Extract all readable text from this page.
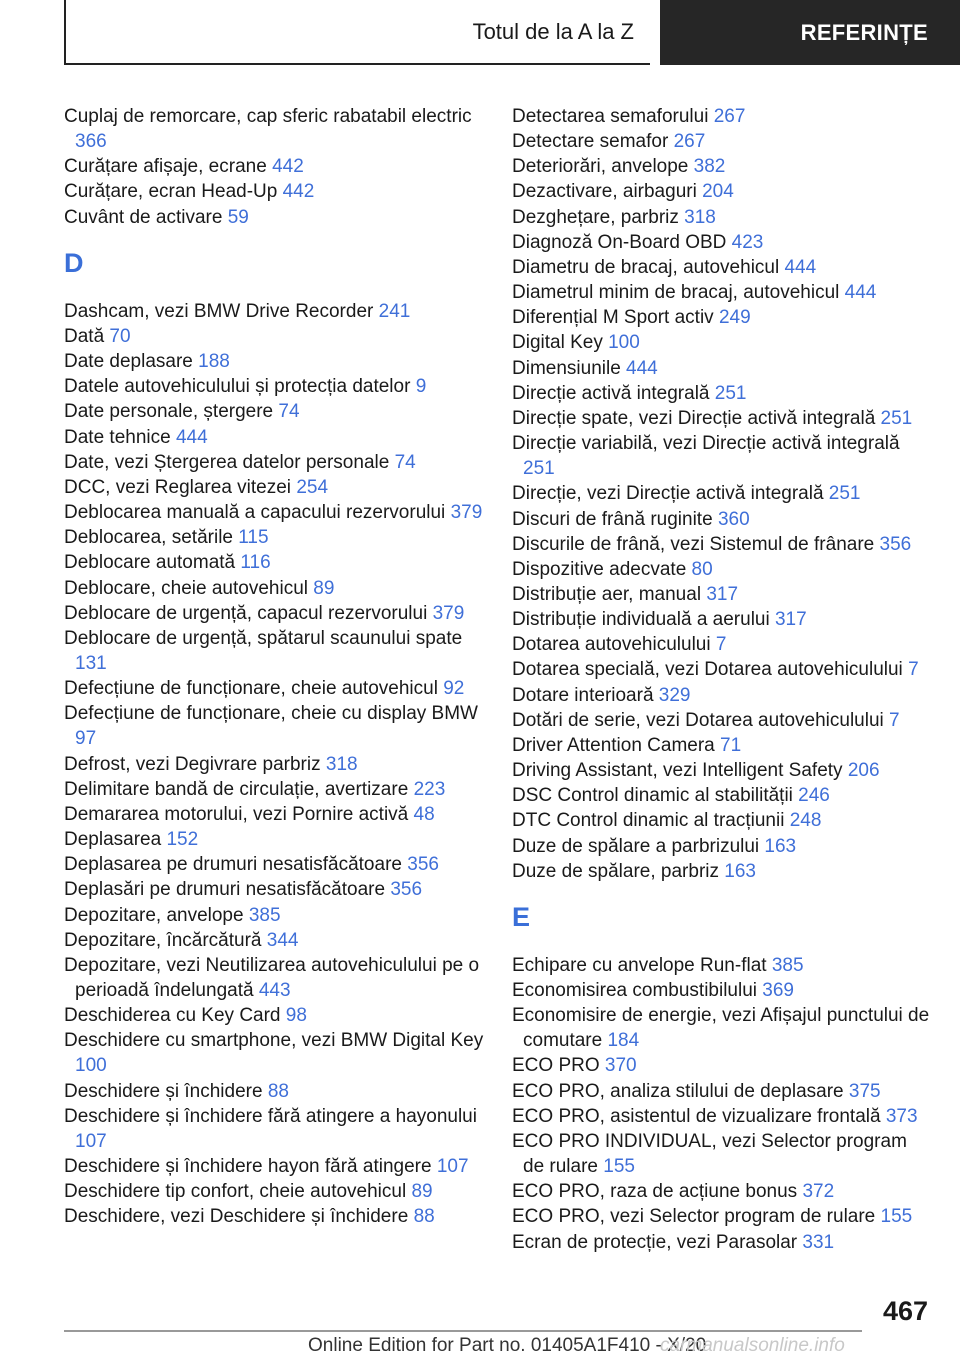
Totul de la A la Z	REFERINȚE
Cuplaj de remorcare, cap sferic rabatabil electric 366
Curățare afișaje, ecrane 442
Curățare, ecran Head-Up 442
Cuvânt de activare 59
D
Dashcam, vezi BMW Drive Recorder 241
Dată 70
Date deplasare 188
Datele autovehiculului și protecția datelor 9
Date personale, ștergere 74
Date tehnice 444
Date, vezi Ștergerea datelor personale 74
DCC, vezi Reglarea vitezei 254
Deblocarea manuală a capacului rezervorului 379
Deblocarea, setările 115
Deblocare automată 116
Deblocare, cheie autovehicul 89
Deblocare de urgență, capacul rezervorului 379
Deblocare de urgență, spătarul scaunului spate 131
Defecțiune de funcționare, cheie autovehicul 92
Defecțiune de funcționare, cheie cu display BMW 97
Defrost, vezi Degivrare parbriz 318
Delimitare bandă de circulație, avertizare 223
Demararea motorului, vezi Pornire activă 48
Deplasarea 152
Deplasarea pe drumuri nesatisfăcătoare 356
Deplasări pe drumuri nesatisfăcătoare 356
Depozitare, anvelope 385
Depozitare, încărcătură 344
Depozitare, vezi Neutilizarea autovehiculului pe o perioadă îndelungată 443
Deschiderea cu Key Card 98
Deschidere cu smartphone, vezi BMW Digital Key 100
Deschidere și închidere 88
Deschidere și închidere fără atingere a hayonului 107
Deschidere și închidere hayon fără atingere 107
Deschidere tip confort, cheie autovehicul 89
Deschidere, vezi Deschidere și închidere 88
Detectarea semaforului 267
Detectare semafor 267
Deteriorări, anvelope 382
Dezactivare, airbaguri 204
Dezghețare, parbriz 318
Diagnoză On-Board OBD 423
Diametru de bracaj, autovehicul 444
Diametrul minim de bracaj, autovehicul 444
Diferențial M Sport activ 249
Digital Key 100
Dimensiunile 444
Direcție activă integrală 251
Direcție spate, vezi Direcție activă integrală 251
Direcție variabilă, vezi Direcție activă integrală 251
Direcție, vezi Direcție activă integrală 251
Discuri de frână ruginite 360
Discurile de frână, vezi Sistemul de frânare 356
Dispozitive adecvate 80
Distribuție aer, manual 317
Distribuție individuală a aerului 317
Dotarea autovehiculului 7
Dotarea specială, vezi Dotarea autovehiculului 7
Dotare interioară 329
Dotări de serie, vezi Dotarea autovehiculului 7
Driver Attention Camera 71
Driving Assistant, vezi Intelligent Safety 206
DSC Control dinamic al stabilității 246
DTC Control dinamic al tracțiunii 248
Duze de spălare a parbrizului 163
Duze de spălare, parbriz 163
E
Echipare cu anvelope Run-flat 385
Economisirea combustibilului 369
Economisire de energie, vezi Afișajul punctului de comutare 184
ECO PRO 370
ECO PRO, analiza stilului de deplasare 375
ECO PRO, asistentul de vizualizare frontală 373
ECO PRO INDIVIDUAL, vezi Selector program de rulare 155
ECO PRO, raza de acțiune bonus 372
ECO PRO, vezi Selector program de rulare 155
Ecran de protecție, vezi Parasolar 331
467
Online Edition for Part no. 01405A1F410 - X/20
carmanualsonline.info
